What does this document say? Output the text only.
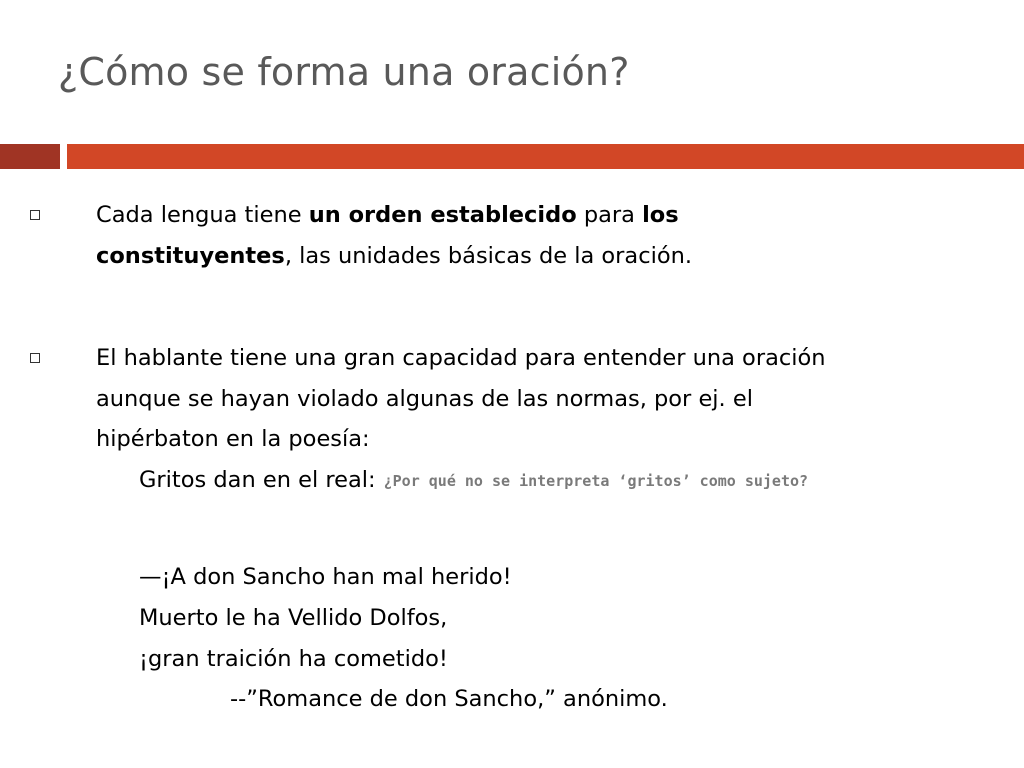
¿Cómo se forma una oración?
Cada lengua tiene un orden establecido para los
constituyentes, las unidades básicas de la oración.
El hablante tiene una gran capacidad para entender una oración
aunque se hayan violado algunas de las normas, por ej. el
hipérbaton en la poesía:
Gritos dan en el real: ¿Por qué no se interpreta ‘gritos’ como sujeto?
—¡A don Sancho han mal herido!
Muerto le ha Vellido Dolfos,
¡gran traición ha cometido!
--”Romance de don Sancho,” anónimo.
